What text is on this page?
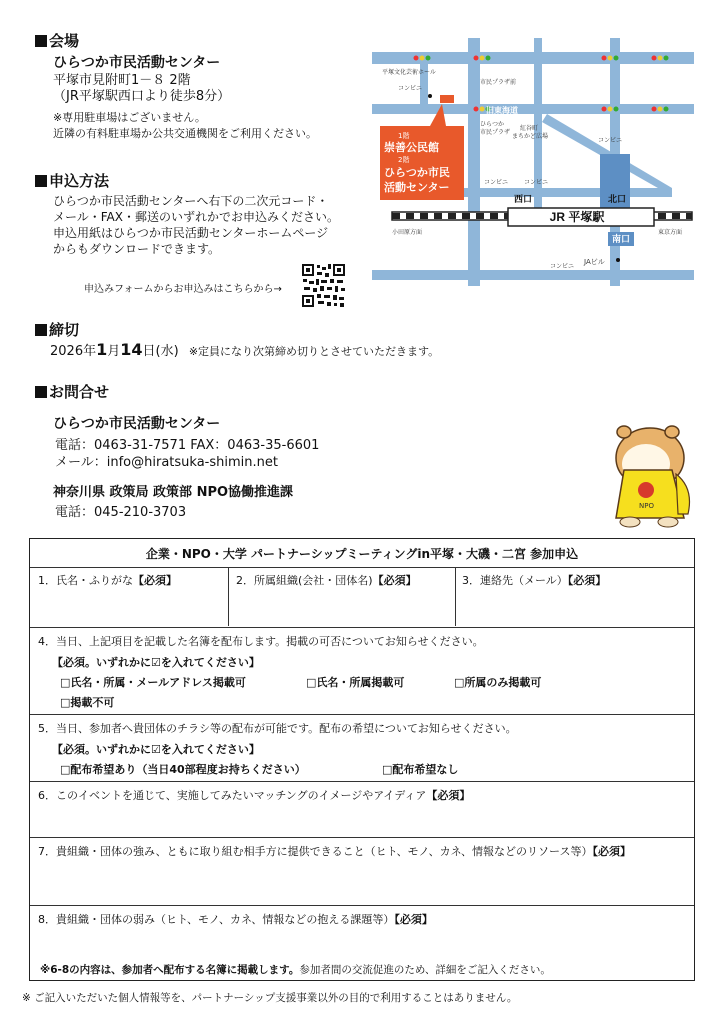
会場
ひらつか市民活動センター
平塚市見附町1－８ 2階
（JR平塚駅西口より徒歩8分）
※専用駐車場はございません。
近隣の有料駐車場か公共交通機関をご利用ください。
申込方法
ひらつか市民活動センターへ右下の二次元コード・
メール・FAX・郵送のいずれかでお申込みください。
申込用紙はひらつか市民活動センターホームページ
からもダウンロードできます。
申込みフォームからお申込みはこちらから→
締切
2026年1月14日(水) ※定員になり次第締め切りとさせていただきます。
お問合せ
ひらつか市民活動センター
電話：0463-31-7571 FAX：0463-35-6601
メール：info@hiratsuka-shimin.net
神奈川県 政策局 政策部 NPO協働推進課
電話：045-210-3703
JR 平塚駅
1階
崇善公民館
2階
ひらつか市民
活動センター
平塚文化芸術ホール
コンビニ
市民プラザ前
旧東海道
ひらつか
市民プラザ
紅谷町
まちかど広場
コンビニ
コンビニ	コンビニ
西口	北口
南口
小田原方面	東京方面
JAビル
コンビニ
NPO
企業・NPO・大学 パートナーシップミーティングin平塚・大磯・二宮 参加申込
1．氏名・ふりがな【必須】	2．所属組織(会社・団体名)【必須】	3．連絡先（メール）【必須】
4．当日、上記項目を記載した名簿を配布します。掲載の可否についてお知らせください。
【必須。いずれかに☑を入れてください】
□氏名・所属・メールアドレス掲載可	□氏名・所属掲載可	□所属のみ掲載可
□掲載不可
5．当日、参加者へ貴団体のチラシ等の配布が可能です。配布の希望についてお知らせください。
【必須。いずれかに☑を入れてください】
□配布希望あり（当日40部程度お持ちください）	□配布希望なし
6．このイベントを通じて、実施してみたいマッチングのイメージやアイディア【必須】
7．貴組織・団体の強み、ともに取り組む相手方に提供できること（ヒト、モノ、カネ、情報などのリソース等）【必須】
8．貴組織・団体の弱み（ヒト、モノ、カネ、情報などの抱える課題等）【必須】
※6-8の内容は、参加者へ配布する名簿に掲載します。参加者間の交流促進のため、詳細をご記入ください。
※ ご記入いただいた個人情報等を、パートナーシップ支援事業以外の目的で利用することはありません。
